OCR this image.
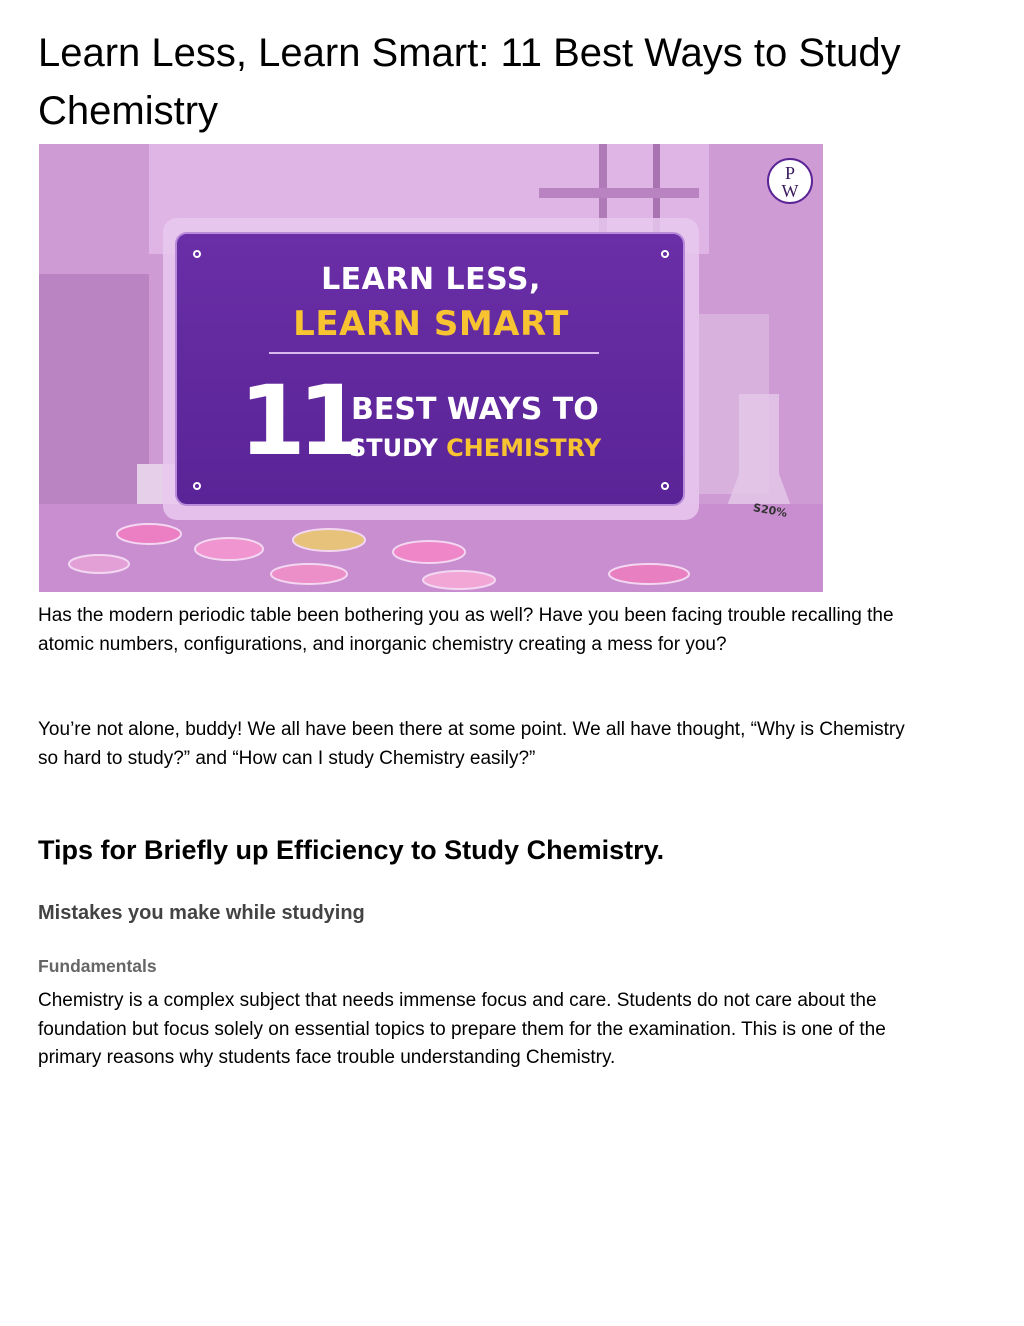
Learn Less, Learn Smart: 11 Best Ways to Study Chemistry
LEARN LESS,
LEARN SMART
11
BEST WAYS TO
STUDY CHEMISTRY
P
W
S20%

Has the modern periodic table been bothering you as well? Have you been facing trouble recalling the atomic numbers, configurations, and inorganic chemistry creating a mess for you?

You’re not alone, buddy! We all have been there at some point. We all have thought, “Why is Chemistry so hard to study?” and “How can I study Chemistry easily?”

Tips for Briefly up Efficiency to Study Chemistry.
Mistakes you make while studying
Fundamentals

Chemistry is a complex subject that needs immense focus and care. Students do not care about the foundation but focus solely on essential topics to prepare them for the examination. This is one of the primary reasons why students face trouble understanding Chemistry.
